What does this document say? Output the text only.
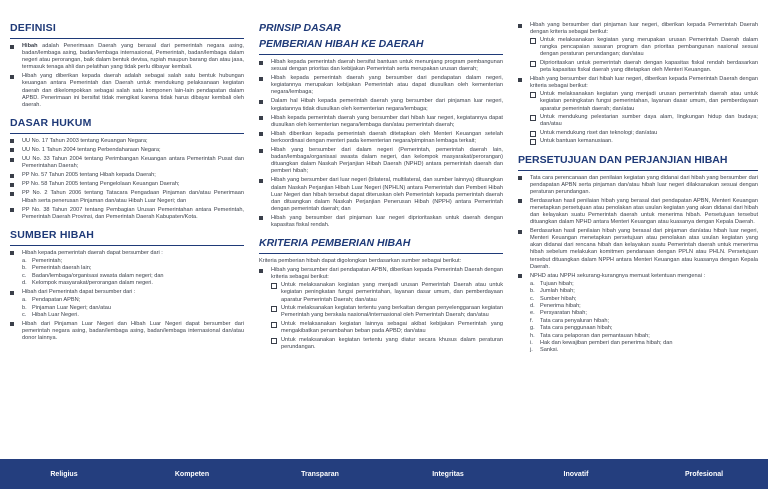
DEFINISI
Hibah adalah Penerimaan Daerah yang berasal dari pemerintah negara asing, badan/lembaga asing, badan/lembaga internasional, Pemerintah, badan/lembaga dalam negeri atau perorangan, baik dalam bentuk devisa, rupiah maupun barang dan atau jasa, termasuk tenaga ahli dan pelatihan yang tidak perlu dibayar kembali.
Hibah yang diberikan kepada daerah adalah sebagai salah satu bentuk hubungan keuangan antara Pemerintah dan Daerah untuk mendukung pelaksanaan kegiatan daerah dan dikelompokkan sebagai salah satu komponen lain-lain pendapatan dalam APBD. Penerimaan ini bersifat tidak mengikat karena tidak harus dibayar kembali oleh daerah.
DASAR HUKUM
UU No. 17 Tahun 2003 tentang Keuangan Negara;
UU No. 1 Tahun 2004 tentang Perbendaharaan Negara;
UU No. 33 Tahun 2004 tentang Perimbangan Keuangan antara Pemerintah Pusat dan Pemerintahan Daerah;
PP No. 57 Tahun 2005 tentang Hibah kepada Daerah;
PP No. 58 Tahun 2005 tentang Pengelolaan Keuangan Daerah;
PP No. 2 Tahun 2006 tentang Tatacara Pengadaan Pinjaman dan/atau Penerimaan Hibah serta penerusan Pinjaman dan/atau Hibah Luar Negeri; dan
PP No. 38 Tahun 2007 tentang Pembagian Urusan Pemerintahan antara Pemerintah, Pemerintah Daerah Provinsi, dan Pemerintah Daerah Kabupaten/Kota.
SUMBER HIBAH
Hibah kepada pemerintah daerah dapat bersumber dari :
a. Pemerintah;
b. Pemerintah daerah lain;
c. Badan/lembaga/organisasi swasta dalam negeri; dan
d. Kelompok masyarakat/perorangan dalam negeri.
Hibah dari Pemerintah dapat bersumber dari :
a. Pendapatan APBN;
b. Pinjaman Luar Negeri; dan/atau
c. Hibah Luar Negeri.
Hibah dari Pinjaman Luar Negeri dan Hibah Luar Negeri dapat bersumber dari pemerintah negara asing, badan/lembaga asing, badan/lembaga internasional dan/atau donor lainnya.
PRINSIP DASAR
PEMBERIAN HIBAH KE DAERAH
Hibah kepada pemerintah daerah bersifat bantuan untuk menunjang program pembangunan sesuai dengan prioritas dan kebijakan Pemerintah serta merupakan urusan daerah;
Hibah kepada pemerintah daerah yang bersumber dari pendapatan dalam negeri, kegiatannya merupakan kebijakan Pemerintah atau dapat diusulkan oleh kementerian negara/lembaga;
Dalam hal Hibah kepada pemerintah daerah yang bersumber dari pinjaman luar negeri, kegiatannya tidak diusulkan oleh kementerian negara/lembaga;
Hibah kepada pemerintah daerah yang bersumber dari hibah luar negeri, kegiatannya dapat diusulkan oleh kementerian negara/lembaga dan/atau pemerintah daerah;
Hibah diberikan kepada pemerintah daerah ditetapkan oleh Menteri Keuangan setelah berkoordinasi dengan menteri pada kementerian negara/pimpinan lembaga terkait;
Hibah yang bersumber dari dalam negeri (Pemerintah, pemerintah daerah lain, badan/lembaga/organisasi swasta dalam negeri, dan kelompok masyarakat/perorangan) dituangkan dalam Naskah Perjanjian Hibah Daerah (NPHD) antara pemerintah daerah dan pemberi hibah;
Hibah yang bersumber dari luar negeri (bilateral, multilateral, dan sumber lainnya) dituangkan dalam Naskah Perjanjian Hibah Luar Negeri (NPHLN) antara Pemerintah dan Pemberi Hibah Luar Negeri dan hibah tersebut dapat diteruskan oleh Pemerintah kepada pemerintah daerah dan dituangkan dalam Naskah Perjanjian Penerusan Hibah (NPPH) antara Pemerintah dengan pemerintah daerah; dan
Hibah yang bersumber dari pinjaman luar negeri diprioritaskan untuk daerah dengan kapasitas fiskal rendah.
KRITERIA PEMBERIAN HIBAH
Kriteria pemberian hibah dapat digolongkan berdasarkan sumber sebagai berikut:
Hibah yang bersumber dari pendapatan APBN, diberikan kepada Pemerintah Daerah dengan kriteria sebagai berikut:
Untuk melaksanakan kegiatan yang menjadi urusan Pemerintah Daerah atau untuk kegiatan peningkatan fungsi pemerintahan, layanan dasar umum, dan pemberdayaan aparatur Pemerintah Daerah; dan/atau
Untuk melaksanakan kegiatan tertentu yang berkaitan dengan penyelenggaraan kegiatan Pemerintah yang berskala nasional/internasional oleh Pemerintah Daerah; dan/atau
Untuk melaksanakan kegiatan lainnya sebagai akibat kebijakan Pemerintah yang mengakibatkan penambahan beban pada APBD; dan/atau
Untuk melaksanakan kegiatan tertentu yang diatur secara khusus dalam peraturan perundangan.
Hibah yang bersumber dari pinjaman luar negeri, diberikan kepada Pemerintah Daerah dengan kriteria sebagai berikut:
Untuk melaksanakan kegiatan yang merupakan urusan Pemerintah Daerah dalam rangka pencapaian sasaran program dan prioritas pembangunan nasional sesuai dengan peraturan perundangan; dan/atau
Diprioritaskan untuk pemerintah daerah dengan kapasitas fiskal rendah berdasarkan peta kapasitas fiskal daerah yang ditetapkan oleh Menteri Keuangan.
Hibah yang bersumber dari hibah luar negeri, diberikan kepada Pemerintah Daerah dengan kriteria sebagai berikut:
Untuk melaksanakan kegiatan yang menjadi urusan pemerintah daerah atau untuk kegiatan peningkatan fungsi pemerintahan, layanan dasar umum, dan pemberdayaan aparatur pemerintah daerah; dan/atau
Untuk mendukung pelestarian sumber daya alam, lingkungan hidup dan budaya; dan/atau
Untuk mendukung riset dan teknologi; dan/atau
Untuk bantuan kemanusiaan.
PERSETUJUAN DAN PERJANJIAN HIBAH
Tata cara perencanaan dan penilaian kegiatan yang didanai dari hibah yang bersumber dari pendapatan APBN serta pinjaman dan/atau hibah luar negeri dilaksanakan sesuai dengan peraturan perundangan.
Berdasarkan hasil penilaian hibah yang berasal dari pendapatan APBN, Menteri Keuangan menetapkan persetujuan atau penolakan atas usulan kegiatan yang akan didanai dari hibah dan kelayakan suatu Pemerintah daerah untuk menerima hibah. Persetujuan tersebut dituangkan dalam NPHD antara Menteri Keuangan atau kuasanya dengan Kepala Daerah.
Berdasarkan hasil penilaian hibah yang berasal dari pinjaman dan/atau hibah luar negeri, Menteri Keuangan menetapkan persetujuan atau penolakan atas usulan kegiatan yang akan didanai dari rencana hibah dan kelayakan suatu Pemerintah daerah untuk menerima hibah sebelum melakukan komitmen pendanaan dengan PPLN atau PHLN. Persetujuan tersebut dituangkan dalam NPPH antara Menteri Keuangan atau kuasanya dengan Kepala Daerah.
NPHD atau NPPH sekurang-kurangnya memuat ketentuan mengenai :
a. Tujuan hibah;
b. Jumlah hibah;
c. Sumber hibah;
d. Penerima hibah;
e. Persyaratan hibah;
f. Tata cara penyaluran hibah;
g. Tata cara penggunaan hibah;
h. Tata cara pelaporan dan pemantauan hibah;
i. Hak dan kewajiban pemberi dan penerima hibah; dan
j. Sanksi.
Religius	Kompeten	Transparan	Integritas	Inovatif	Profesional
